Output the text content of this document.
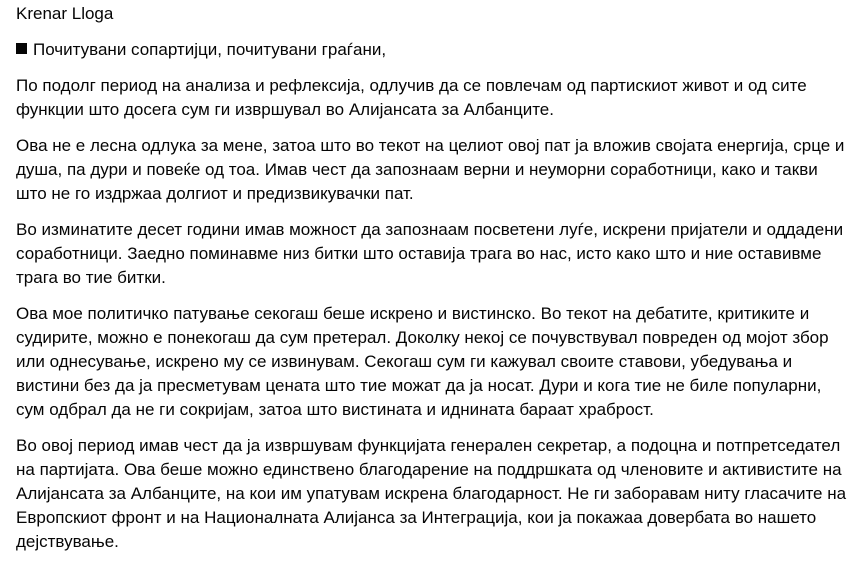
Krenar Lloga
Почитувани сопартијци, почитувани граѓани,

По подолг период на анализа и рефлексија, одлучив да се повлечам од партискиот живот и од сите функции што досега сум ги извршувал во Алијансата за Албанците.

Ова не е лесна одлука за мене, затоа што во текот на целиот овој пат ја вложив својата енергија, срце и душа, па дури и повеќе од тоа. Имав чест да запознаам верни и неуморни соработници, како и такви што не го издржаа долгиот и предизвикувачки пат.

Во изминатите десет години имав можност да запознаам посветени луѓе, искрени пријатели и оддадени соработници. Заедно поминавме низ битки што оставија трага во нас, исто како што и ние оставивме трага во тие битки.

Ова мое политичко патување секогаш беше искрено и вистинско. Во текот на дебатите, критиките и судирите, можно е понекогаш да сум претерал. Доколку некој се почувствувал повреден од мојот збор или однесување, искрено му се извинувам. Секогаш сум ги кажувал своите ставови, убедувања и вистини без да ја пресметувам цената што тие можат да ја носат. Дури и кога тие не биле популарни, сум одбрал да не ги сокријам, затоа што вистината и иднината бараат храброст.

Во овој период имав чест да ја извршувам функцијата генерален секретар, а подоцна и потпретседател на партијата. Ова беше можно единствено благодарение на поддршката од членовите и активистите на Алијансата за Албанците, на кои им упатувам искрена благодарност. Не ги заборавам ниту гласачите на Европскиот фронт и на Националната Алијанса за Интеграција, кои ја покажаа довербата во нашето дејствување.
